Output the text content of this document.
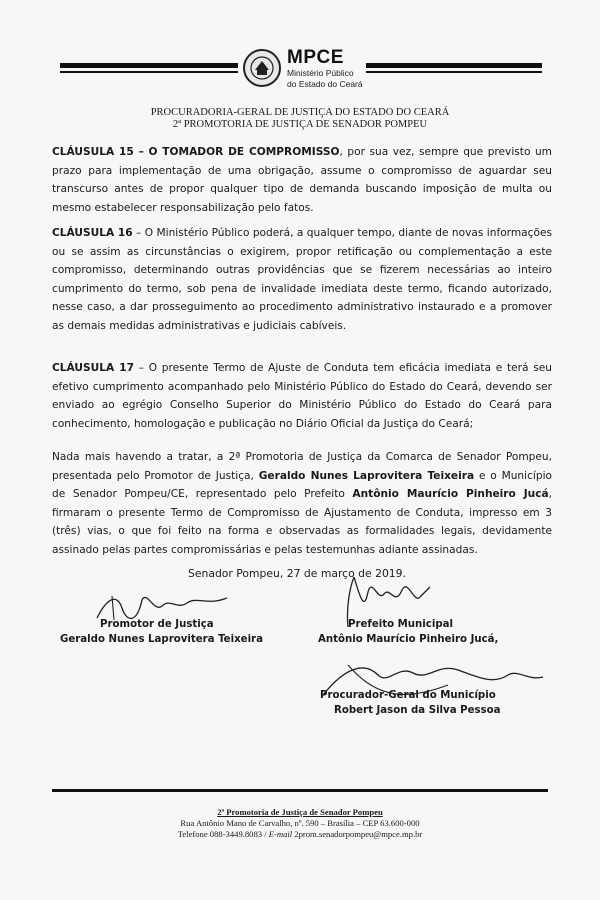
MPCE
Ministério Público
do Estado do Ceará
PROCURADORIA-GERAL DE JUSTIÇA DO ESTADO DO CEARÁ
2ª PROMOTORIA DE JUSTIÇA DE SENADOR POMPEU

CLÁUSULA 15 – O TOMADOR DE COMPROMISSO, por sua vez, sempre que previsto um prazo para implementação de uma obrigação, assume o compromisso de aguardar seu transcurso antes de propor qualquer tipo de demanda buscando imposição de multa ou mesmo estabelecer responsabilização pelo fatos.

CLÁUSULA 16 – O Ministério Público poderá, a qualquer tempo, diante de novas informações ou se assim as circunstâncias o exigirem, propor retificação ou complementação a este compromisso, determinando outras providências que se fizerem necessárias ao inteiro cumprimento do termo, sob pena de invalidade imediata deste termo, ficando autorizado, nesse caso, a dar prosseguimento ao procedimento administrativo instaurado e a promover as demais medidas administrativas e judiciais cabíveis.

CLÁUSULA 17 – O presente Termo de Ajuste de Conduta tem eficácia imediata e terá seu efetivo cumprimento acompanhado pelo Ministério Público do Estado do Ceará, devendo ser enviado ao egrégio Conselho Superior do Ministério Público do Estado do Ceará para conhecimento, homologação e publicação no Diário Oficial da Justiça do Ceará;

Nada mais havendo a tratar, a 2ª Promotoria de Justiça da Comarca de Senador Pompeu, presentada pelo Promotor de Justiça, Geraldo Nunes Laprovitera Teixeira e o Município de Senador Pompeu/CE, representado pelo Prefeito Antônio Maurício Pinheiro Jucá, firmaram o presente Termo de Compromisso de Ajustamento de Conduta, impresso em 3 (três) vias, o que foi feito na forma e observadas as formalidades legais, devidamente assinado pelas partes compromissárias e pelas testemunhas adiante assinadas.

Senador Pompeu, 27 de março de 2019.
Promotor de Justiça
Geraldo Nunes Laprovitera Teixeira
Prefeito Municipal
Antônio Maurício Pinheiro Jucá,
Procurador-Geral do Município
Robert Jason da Silva Pessoa
2ª Promotoria de Justiça de Senador Pompeu
Rua Antônio Mano de Carvalho, nº. 590 – Brasília – CEP 63.600-000
Telefone 088-3449.8083 / E-mail 2prom.senadorpompeu@mpce.mp.br
